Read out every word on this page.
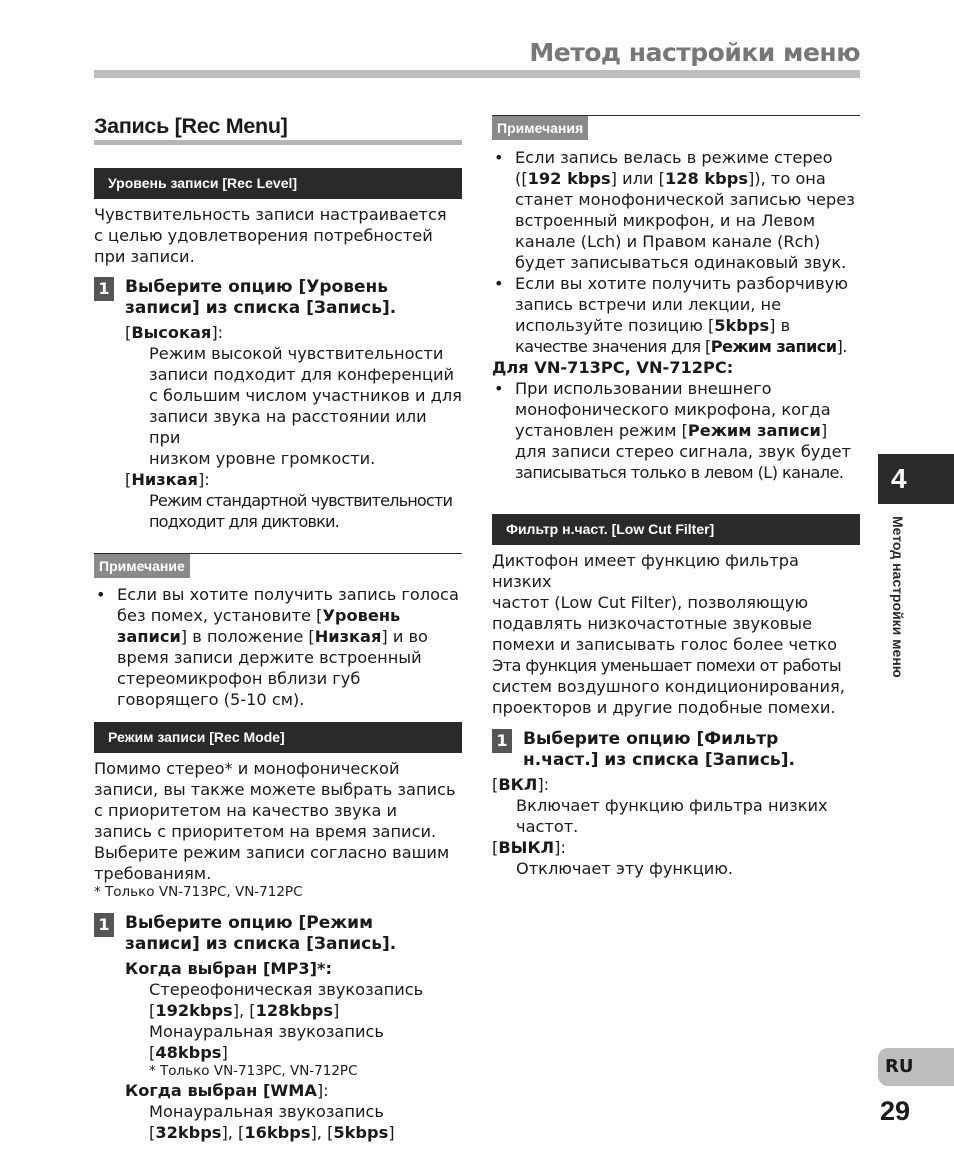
Метод настройки меню
Запись [Rec Menu]
Уровень записи [Rec Level]
Чувствительность записи настраивается
с целью удовлетворения потребностей
при записи.
1 Выберите опцию [Уровень
записи] из списка [Запись].
[Высокая]:
Режим высокой чувствительности
записи подходит для конференций
с большим числом участников и для
записи звука на расстоянии или при
низком уровне громкости.
[Низкая]:
Режим стандартной чувствительности
подходит для диктовки.
Примечание
• Если вы хотите получить запись голоса
без помех, установите [Уровень
записи] в положение [Низкая] и во
время записи держите встроенный
стереомикрофон вблизи губ
говорящего (5-10 см).
Режим записи [Rec Mode]
Помимо стерео* и монофонической
записи, вы также можете выбрать запись
с приоритетом на качество звука и
запись с приоритетом на время записи.
Выберите режим записи согласно вашим
требованиям.
* Только VN-713PC, VN-712PC
1 Выберите опцию [Режим
записи] из списка [Запись].
Когда выбран [MP3]*:
Стереофоническая звукозапись
[192kbps], [128kbps]
Монауральная звукозапись
[48kbps]
* Только VN-713PC, VN-712PC
Когда выбран [WMA]:
Монауральная звукозапись
[32kbps], [16kbps], [5kbps]
Примечания
• Если запись велась в режиме стерео
([192 kbps] или [128 kbps]), то она
станет монофонической записью через
встроенный микрофон, и на Левом
канале (Lch) и Правом канале (Rch)
будет записываться одинаковый звук.
• Если вы хотите получить разборчивую
запись встречи или лекции, не
используйте позицию [5kbps] в
качестве значения для [Режим записи].
Для VN-713PC, VN-712PC:
• При использовании внешнего
монофонического микрофона, когда
установлен режим [Режим записи]
для записи стерео сигнала, звук будет
записываться только в левом (L) канале.
Фильтр н.част. [Low Cut Filter]
Диктофон имеет функцию фильтра низких
частот (Low Cut Filter), позволяющую
подавлять низкочастотные звуковые
помехи и записывать голос более четко
Эта функция уменьшает помехи от работы
систем воздушного кондиционирования,
проекторов и другие подобные помехи.
1 Выберите опцию [Фильтр
н.част.] из списка [Запись].
[ВКЛ]:
Включает функцию фильтра низких
частот.
[ВЫКЛ]:
Отключает эту функцию.
4
Метод настройки меню
RU
29
